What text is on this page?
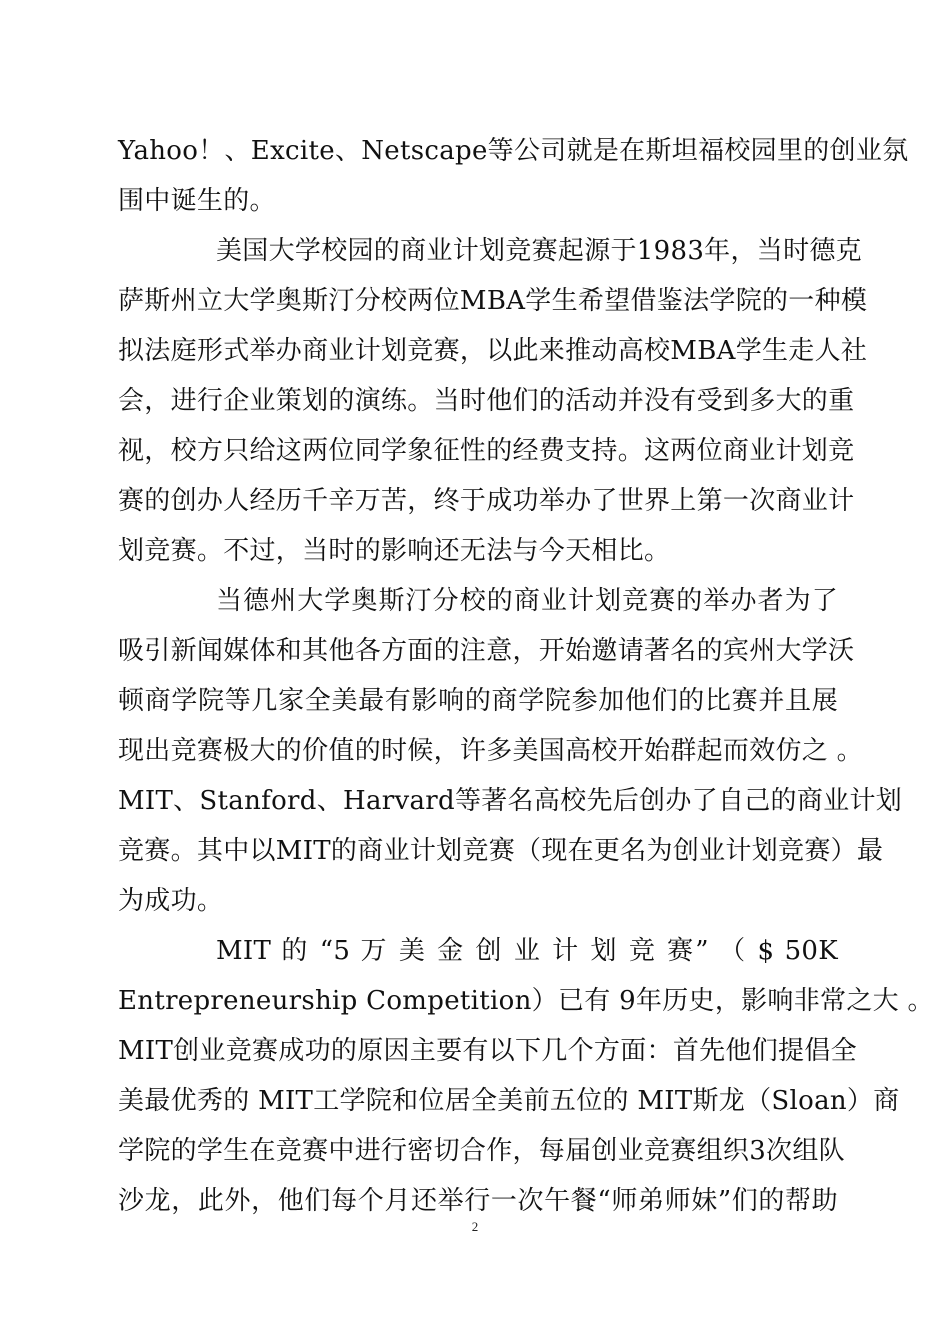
Yahoo！、Excite、Netscape等公司就是在斯坦福校园里的创业氛
围中诞生的。
美国大学校园的商业计划竞赛起源于1983年，当时德克
萨斯州立大学奥斯汀分校两位MBA学生希望借鉴法学院的一种模
拟法庭形式举办商业计划竞赛，以此来推动高校MBA学生走人社
会，进行企业策划的演练。当时他们的活动并没有受到多大的重
视，校方只给这两位同学象征性的经费支持。这两位商业计划竞
赛的创办人经历千辛万苦，终于成功举办了世界上第一次商业计
划竞赛。不过，当时的影响还无法与今天相比。
当德州大学奥斯汀分校的商业计划竞赛的举办者为了
吸引新闻媒体和其他各方面的注意，开始邀请著名的宾州大学沃
顿商学院等几家全美最有影响的商学院参加他们的比赛并且展
现出竞赛极大的价值的时候，许多美国高校开始群起而效仿之 。
MIT、Stanford、Harvard等著名高校先后创办了自己的商业计划
竞赛。其中以MIT的商业计划竞赛（现在更名为创业计划竞赛）最
为成功。
MIT 的 “5 万 美 金 创 业 计 划 竞 赛” （ $ 50K
Entrepreneurship Competition）已有 9年历史，影响非常之大 。
MIT创业竞赛成功的原因主要有以下几个方面：首先他们提倡全
美最优秀的 MIT工学院和位居全美前五位的 MIT斯龙（Sloan）商
学院的学生在竞赛中进行密切合作，每届创业竞赛组织3次组队
沙龙，此外，他们每个月还举行一次午餐“师弟师妹”们的帮助
2
